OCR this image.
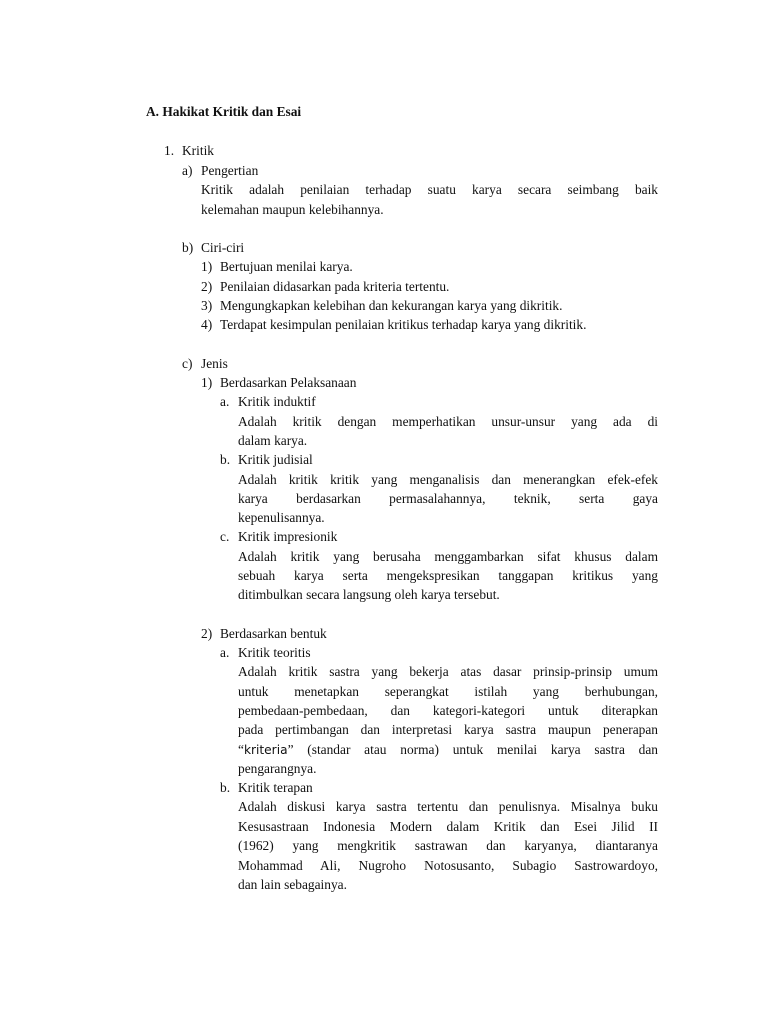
A. Hakikat Kritik dan Esai
1. Kritik
a) Pengertian
Kritik adalah penilaian terhadap suatu karya secara seimbang baik
kelemahan maupun kelebihannya.
b) Ciri-ciri
1) Bertujuan menilai karya.
2) Penilaian didasarkan pada kriteria tertentu.
3) Mengungkapkan kelebihan dan kekurangan karya yang dikritik.
4) Terdapat kesimpulan penilaian kritikus terhadap karya yang dikritik.
c) Jenis
1) Berdasarkan Pelaksanaan
a. Kritik induktif
Adalah kritik dengan memperhatikan unsur-unsur yang ada di
dalam karya.
b. Kritik judisial
Adalah kritik kritik yang menganalisis dan menerangkan efek-efek
karya berdasarkan permasalahannya, teknik, serta gaya
kepenulisannya.
c. Kritik impresionik
Adalah kritik yang berusaha menggambarkan sifat khusus dalam
sebuah karya serta mengekspresikan tanggapan kritikus yang
ditimbulkan secara langsung oleh karya tersebut.
2) Berdasarkan bentuk
a. Kritik teoritis
Adalah kritik sastra yang bekerja atas dasar prinsip-prinsip umum
untuk menetapkan seperangkat istilah yang berhubungan,
pembedaan-pembedaan, dan kategori-kategori untuk diterapkan
pada pertimbangan dan interpretasi karya sastra maupun penerapan
“kriteria ” (standar atau norma) untuk menilai karya sastra dan
pengarangnya.
b. Kritik terapan
Adalah diskusi karya sastra tertentu dan penulisnya. Misalnya buku
Kesusastraan Indonesia Modern dalam Kritik dan Esei Jilid II
(1962) yang mengkritik sastrawan dan karyanya, diantaranya
Mohammad Ali, Nugroho Notosusanto, Subagio Sastrowardoyo,
dan lain sebagainya.
